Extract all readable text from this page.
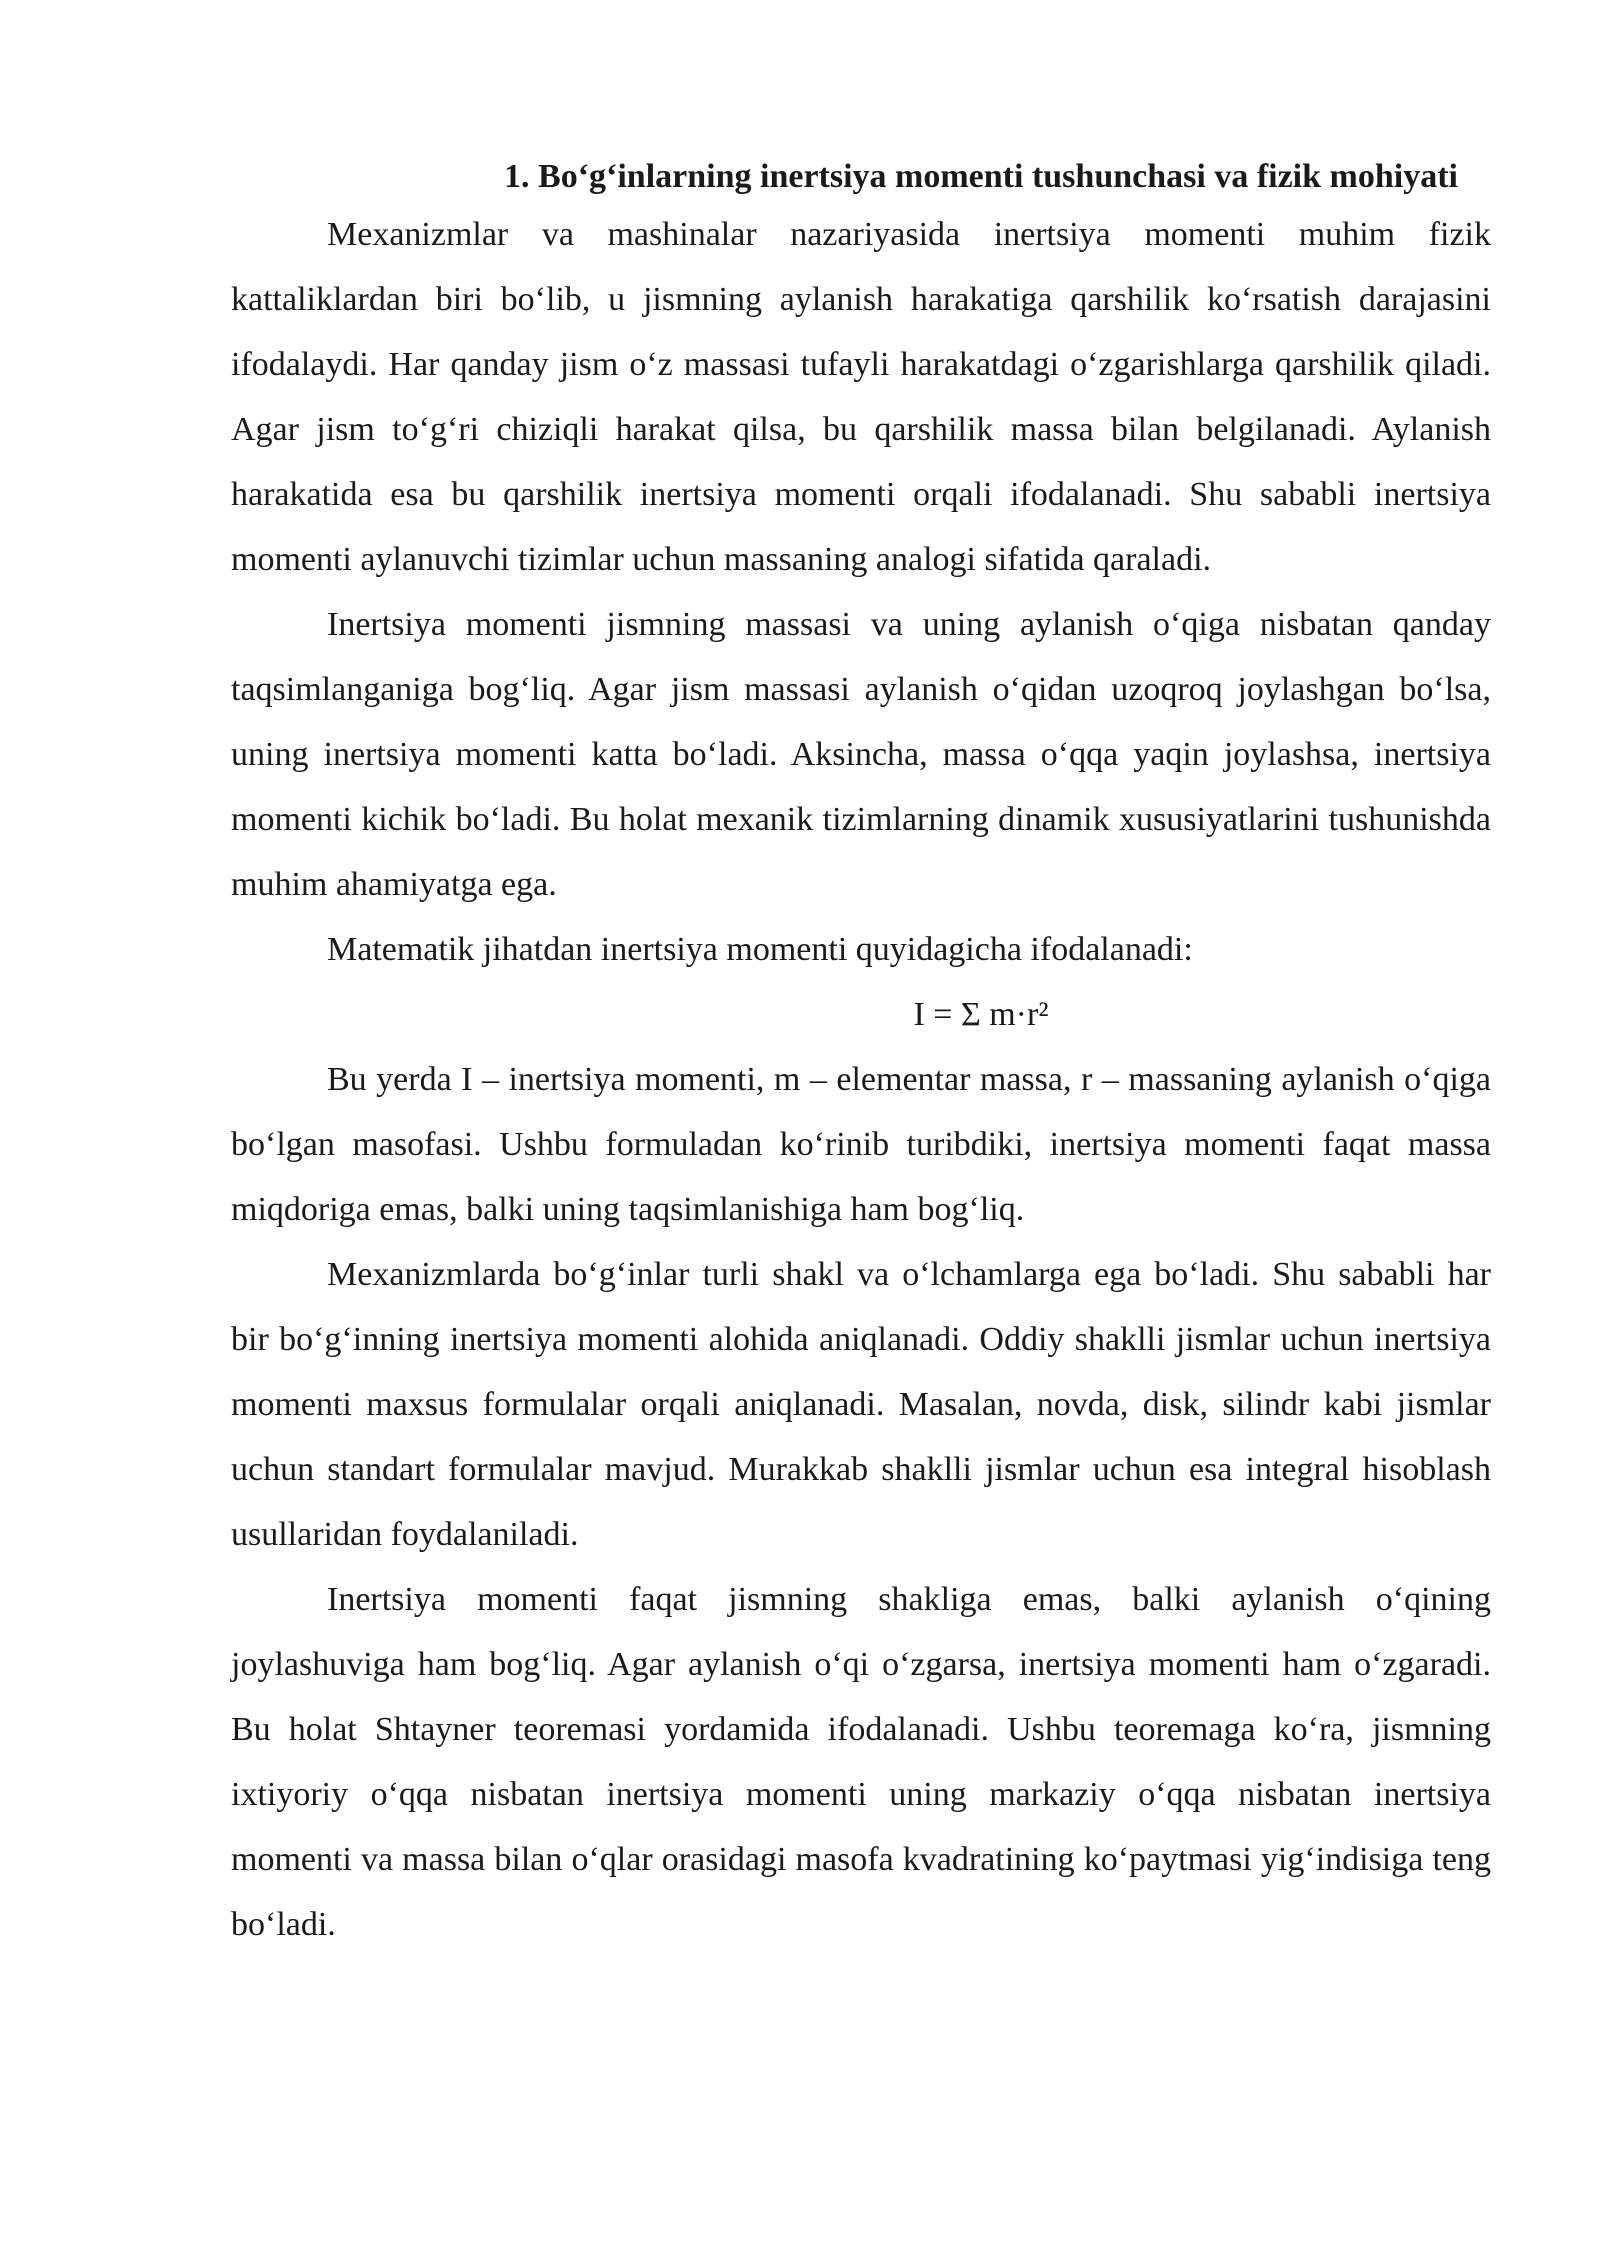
1. Bo‘g‘inlarning inertsiya momenti tushunchasi va fizik mohiyati

Mexanizmlar va mashinalar nazariyasida inertsiya momenti muhim fizik kattaliklardan biri bo‘lib, u jismning aylanish harakatiga qarshilik ko‘rsatish darajasini ifodalaydi. Har qanday jism o‘z massasi tufayli harakatdagi o‘zgarishlarga qarshilik qiladi. Agar jism to‘g‘ri chiziqli harakat qilsa, bu qarshilik massa bilan belgilanadi. Aylanish harakatida esa bu qarshilik inertsiya momenti orqali ifodalanadi. Shu sababli inertsiya momenti aylanuvchi tizimlar uchun massaning analogi sifatida qaraladi.

Inertsiya momenti jismning massasi va uning aylanish o‘qiga nisbatan qanday taqsimlanganiga bog‘liq. Agar jism massasi aylanish o‘qidan uzoqroq joylashgan bo‘lsa, uning inertsiya momenti katta bo‘ladi. Aksincha, massa o‘qqa yaqin joylashsa, inertsiya momenti kichik bo‘ladi. Bu holat mexanik tizimlarning dinamik xususiyatlarini tushunishda muhim ahamiyatga ega.

Matematik jihatdan inertsiya momenti quyidagicha ifodalanadi:

I = Σ m·r²

Bu yerda I – inertsiya momenti, m – elementar massa, r – massaning aylanish o‘qiga bo‘lgan masofasi. Ushbu formuladan ko‘rinib turibdiki, inertsiya momenti faqat massa miqdoriga emas, balki uning taqsimlanishiga ham bog‘liq.

Mexanizmlarda bo‘g‘inlar turli shakl va o‘lchamlarga ega bo‘ladi. Shu sababli har bir bo‘g‘inning inertsiya momenti alohida aniqlanadi. Oddiy shaklli jismlar uchun inertsiya momenti maxsus formulalar orqali aniqlanadi. Masalan, novda, disk, silindr kabi jismlar uchun standart formulalar mavjud. Murakkab shaklli jismlar uchun esa integral hisoblash usullaridan foydalaniladi.

Inertsiya momenti faqat jismning shakliga emas, balki aylanish o‘qining joylashuviga ham bog‘liq. Agar aylanish o‘qi o‘zgarsa, inertsiya momenti ham o‘zgaradi. Bu holat Shtayner teoremasi yordamida ifodalanadi. Ushbu teoremaga ko‘ra, jismning ixtiyoriy o‘qqa nisbatan inertsiya momenti uning markaziy o‘qqa nisbatan inertsiya momenti va massa bilan o‘qlar orasidagi masofa kvadratining ko‘paytmasi yig‘indisiga teng bo‘ladi.
